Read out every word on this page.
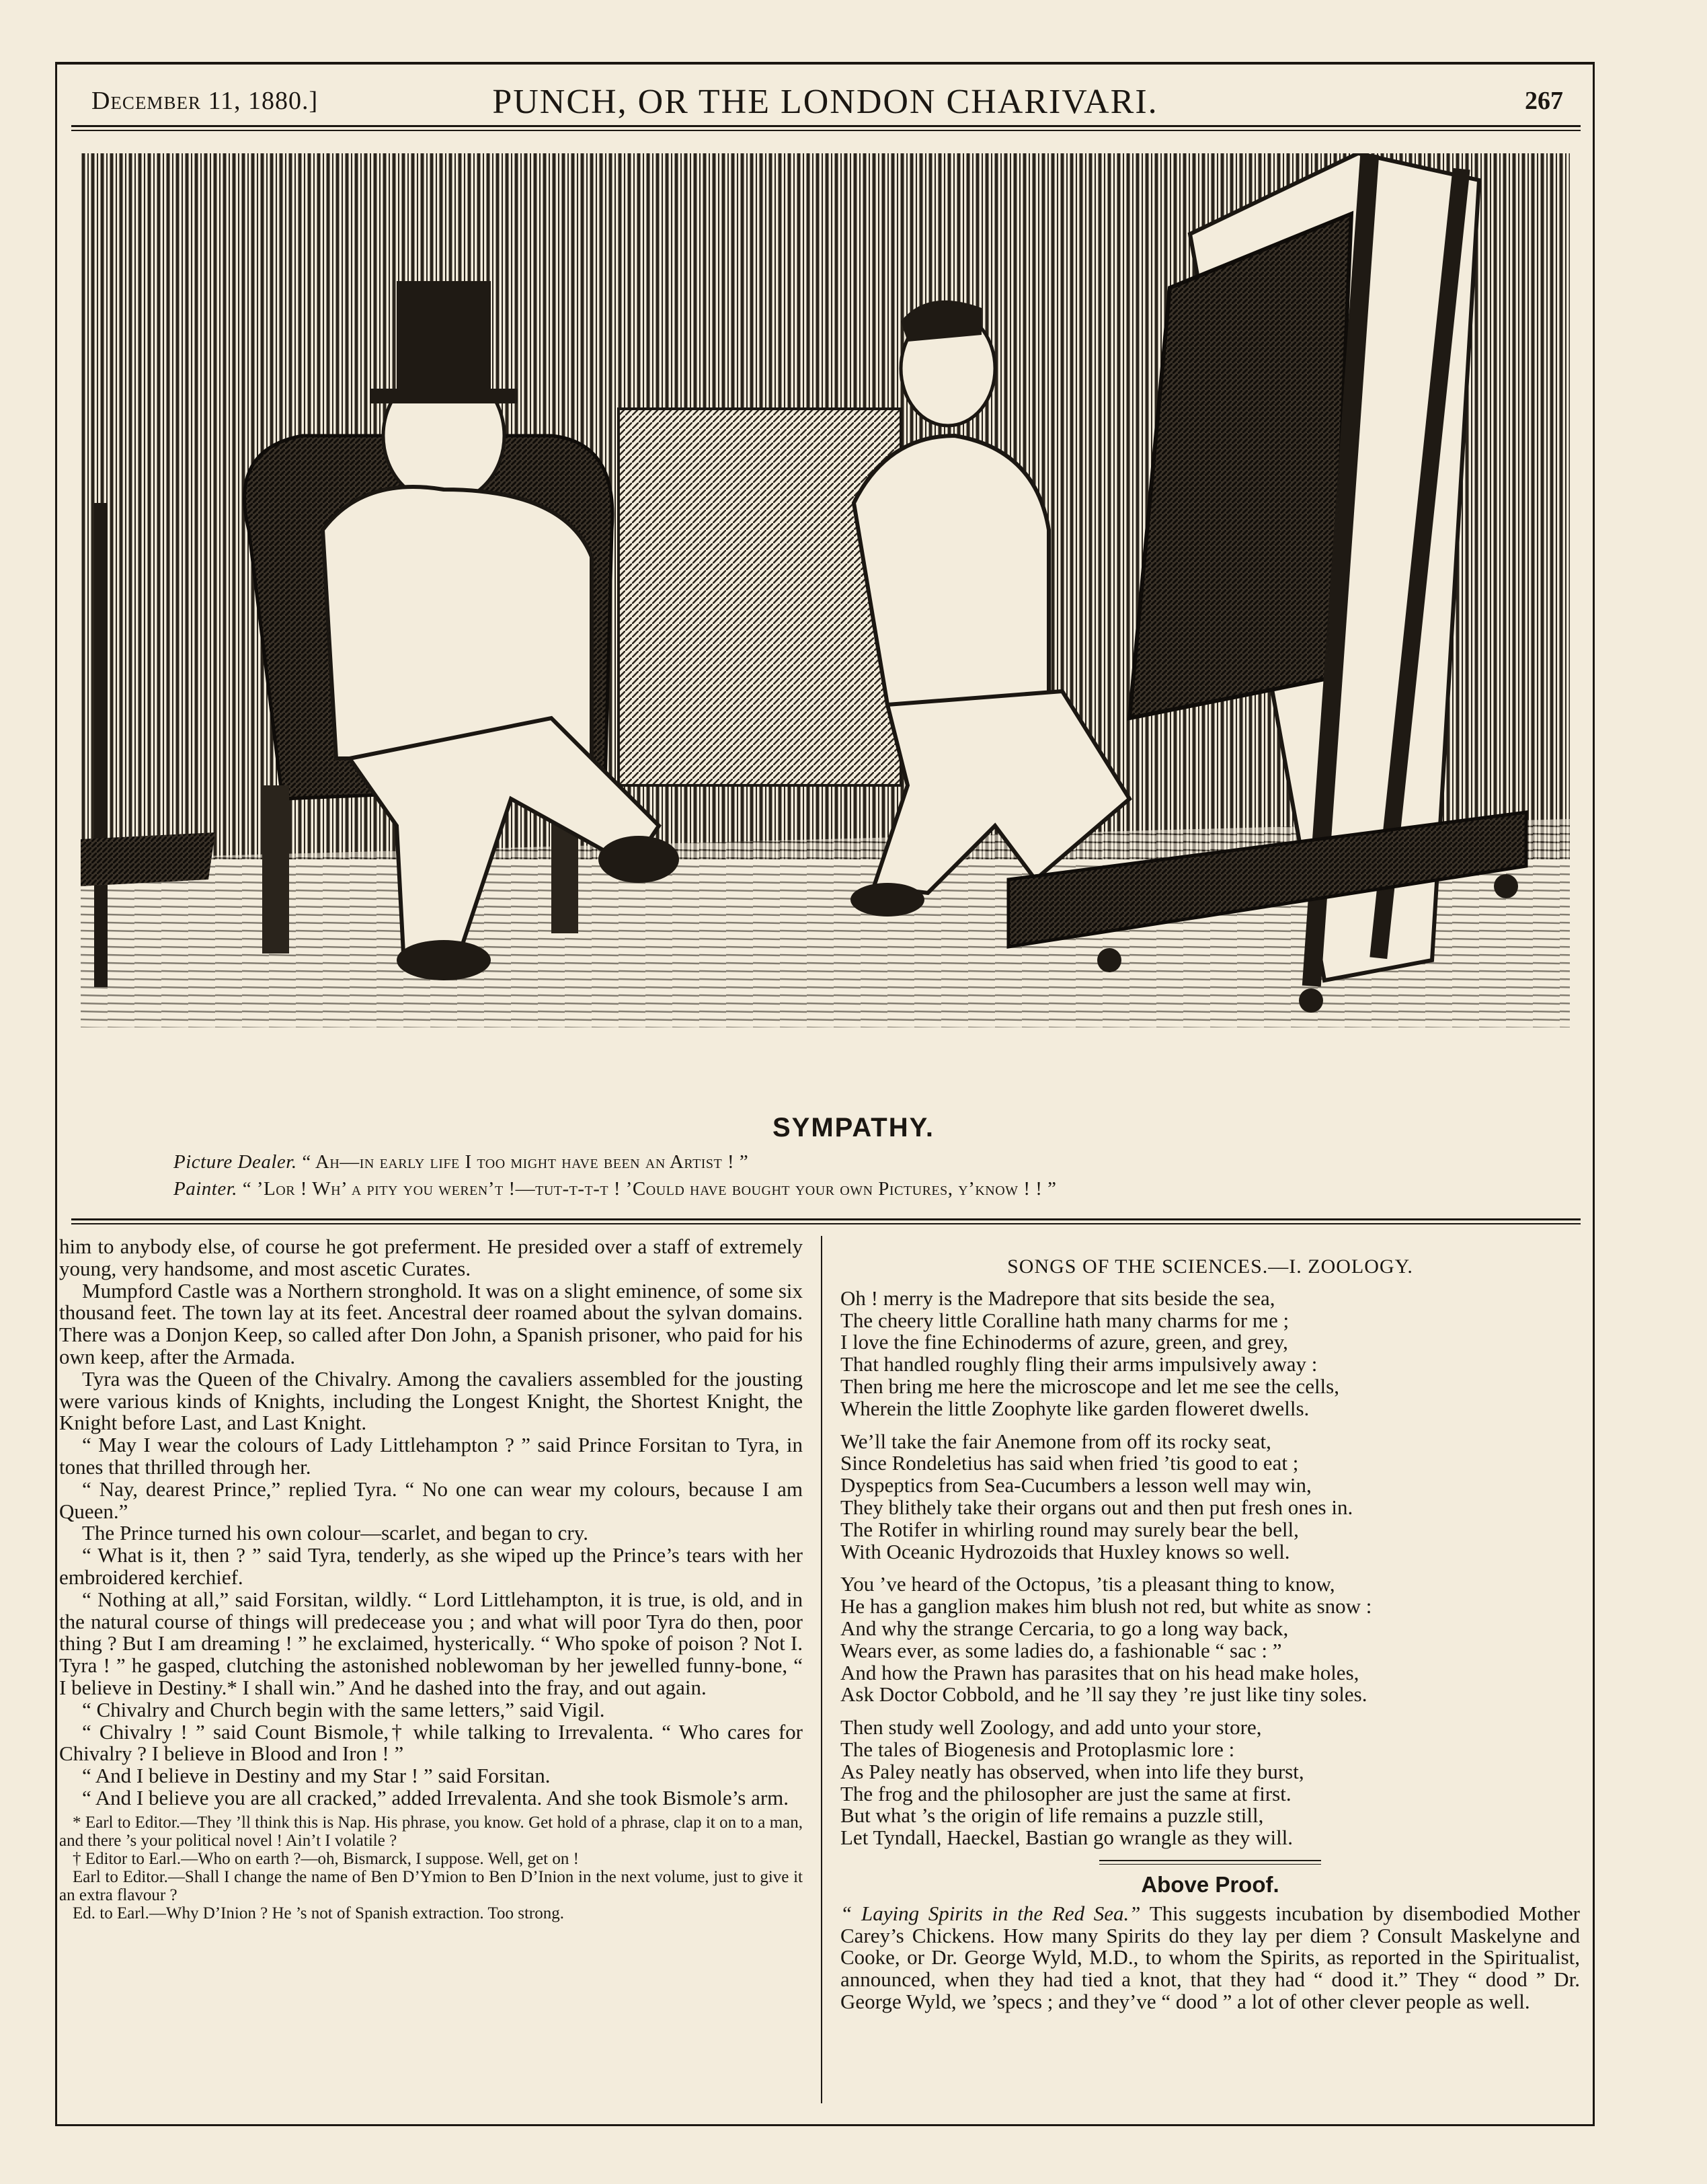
December 11, 1880.]	PUNCH, OR THE LONDON CHARIVARI.	267
SYMPATHY.
Picture Dealer. “ Ah—in early life I too might have been an Artist ! ”
Painter. “ ’Lor ! Wh’ a pity you weren’t !—tut-t-t-t ! ’Could have bought your own Pictures, y’know ! ! ”

him to anybody else, of course he got preferment. He presided over a staff of extremely young, very handsome, and most ascetic Curates.

Mumpford Castle was a Northern stronghold. It was on a slight eminence, of some six thousand feet. The town lay at its feet. Ancestral deer roamed about the sylvan domains. There was a Donjon Keep, so called after Don John, a Spanish prisoner, who paid for his own keep, after the Armada.

Tyra was the Queen of the Chivalry. Among the cavaliers assembled for the jousting were various kinds of Knights, including the Longest Knight, the Shortest Knight, the Knight before Last, and Last Knight.

“ May I wear the colours of Lady Littlehampton ? ” said Prince Forsitan to Tyra, in tones that thrilled through her.

“ Nay, dearest Prince,” replied Tyra. “ No one can wear my colours, because I am Queen.”

The Prince turned his own colour—scarlet, and began to cry.

“ What is it, then ? ” said Tyra, tenderly, as she wiped up the Prince’s tears with her embroidered kerchief.

“ Nothing at all,” said Forsitan, wildly. “ Lord Littlehampton, it is true, is old, and in the natural course of things will predecease you ; and what will poor Tyra do then, poor thing ? But I am dreaming ! ” he exclaimed, hysterically. “ Who spoke of poison ? Not I. Tyra ! ” he gasped, clutching the astonished noblewoman by her jewelled funny-bone, “ I believe in Destiny.* I shall win.” And he dashed into the fray, and out again.

“ Chivalry and Church begin with the same letters,” said Vigil.

“ Chivalry ! ” said Count Bismole,† while talking to Irrevalenta. “ Who cares for Chivalry ? I believe in Blood and Iron ! ”

“ And I believe in Destiny and my Star ! ” said Forsitan.

“ And I believe you are all cracked,” added Irrevalenta. And she took Bismole’s arm.

* Earl to Editor.—They ’ll think this is Nap. His phrase, you know. Get hold of a phrase, clap it on to a man, and there ’s your political novel ! Ain’t I volatile ?

† Editor to Earl.—Who on earth ?—oh, Bismarck, I suppose. Well, get on !

Earl to Editor.—Shall I change the name of Ben D’Ymion to Ben D’Inion in the next volume, just to give it an extra flavour ?

Ed. to Earl.—Why D’Inion ? He ’s not of Spanish extraction. Too strong.

SONGS OF THE SCIENCES.—I. ZOOLOGY.
Oh ! merry is the Madrepore that sits beside the sea,
The cheery little Coralline hath many charms for me ;
I love the fine Echinoderms of azure, green, and grey,
That handled roughly fling their arms impulsively away :
Then bring me here the microscope and let me see the cells,
Wherein the little Zoophyte like garden floweret dwells.
We’ll take the fair Anemone from off its rocky seat,
Since Rondeletius has said when fried ’tis good to eat ;
Dyspeptics from Sea-Cucumbers a lesson well may win,
They blithely take their organs out and then put fresh ones in.
The Rotifer in whirling round may surely bear the bell,
With Oceanic Hydrozoids that Huxley knows so well.
You ’ve heard of the Octopus, ’tis a pleasant thing to know,
He has a ganglion makes him blush not red, but white as snow :
And why the strange Cercaria, to go a long way back,
Wears ever, as some ladies do, a fashionable “ sac : ”
And how the Prawn has parasites that on his head make holes,
Ask Doctor Cobbold, and he ’ll say they ’re just like tiny soles.
Then study well Zoology, and add unto your store,
The tales of Biogenesis and Protoplasmic lore :
As Paley neatly has observed, when into life they burst,
The frog and the philosopher are just the same at first.
But what ’s the origin of life remains a puzzle still,
Let Tyndall, Haeckel, Bastian go wrangle as they will.
Above Proof.

“ Laying Spirits in the Red Sea.” This suggests incubation by disembodied Mother Carey’s Chickens. How many Spirits do they lay per diem ? Consult Maskelyne and Cooke, or Dr. George Wyld, M.D., to whom the Spirits, as reported in the Spiritualist, announced, when they had tied a knot, that they had “ dood it.” They “ dood ” Dr. George Wyld, we ’specs ; and they’ve “ dood ” a lot of other clever people as well.
